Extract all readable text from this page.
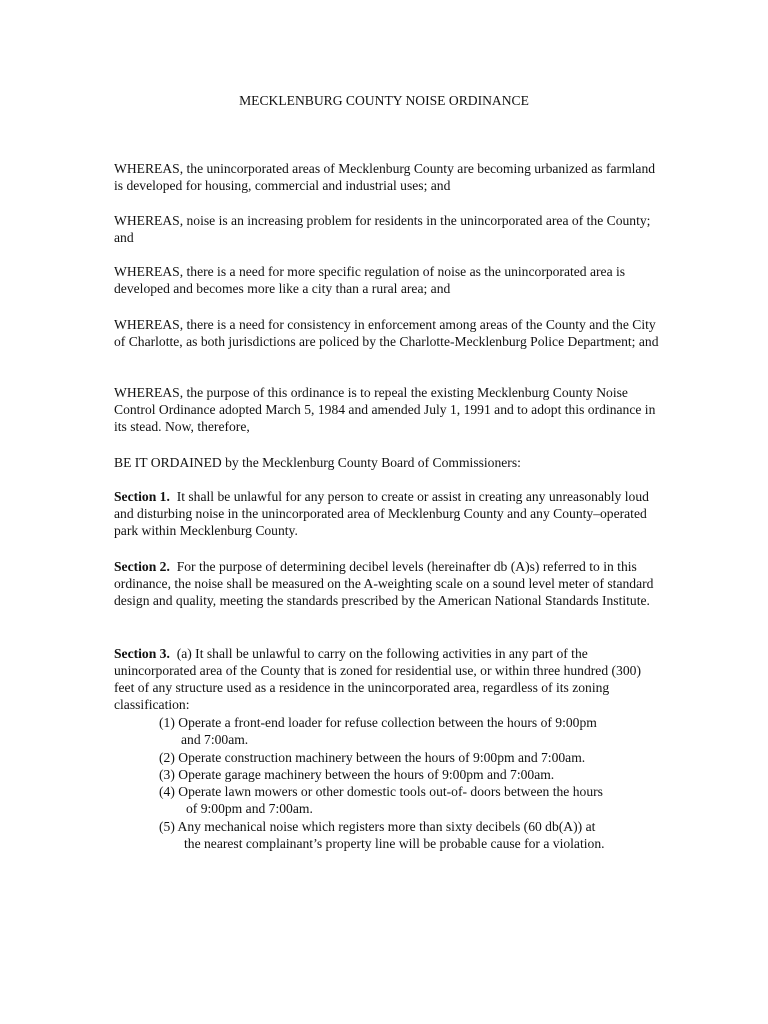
MECKLENBURG COUNTY NOISE ORDINANCE

WHEREAS, the unincorporated areas of Mecklenburg County are becoming urbanized as farmland is developed for housing, commercial and industrial uses; and

WHEREAS, noise is an increasing problem for residents in the unincorporated area of the County; and

WHEREAS, there is a need for more specific regulation of noise as the unincorporated area is developed and becomes more like a city than a rural area; and

WHEREAS, there is a need for consistency in enforcement among areas of the County and the City of Charlotte, as both jurisdictions are policed by the Charlotte-Mecklenburg Police Department; and

WHEREAS, the purpose of this ordinance is to repeal the existing Mecklenburg County Noise Control Ordinance adopted March 5, 1984 and amended July 1, 1991 and to adopt this ordinance in its stead. Now, therefore,

BE IT ORDAINED by the Mecklenburg County Board of Commissioners:

Section 1. It shall be unlawful for any person to create or assist in creating any unreasonably loud and disturbing noise in the unincorporated area of Mecklenburg County and any County–operated park within Mecklenburg County.

Section 2. For the purpose of determining decibel levels (hereinafter db (A)s) referred to in this ordinance, the noise shall be measured on the A-weighting scale on a sound level meter of standard design and quality, meeting the standards prescribed by the American National Standards Institute.

Section 3. (a) It shall be unlawful to carry on the following activities in any part of the unincorporated area of the County that is zoned for residential use, or within three hundred (300) feet of any structure used as a residence in the unincorporated area, regardless of its zoning classification:

(1) Operate a front-end loader for refuse collection between the hours of 9:00pm
and 7:00am.
(2) Operate construction machinery between the hours of 9:00pm and 7:00am.
(3) Operate garage machinery between the hours of 9:00pm and 7:00am.
(4) Operate lawn mowers or other domestic tools out-of- doors between the hours
of 9:00pm and 7:00am.
(5) Any mechanical noise which registers more than sixty decibels (60 db(A)) at
the nearest complainant’s property line will be probable cause for a violation.
